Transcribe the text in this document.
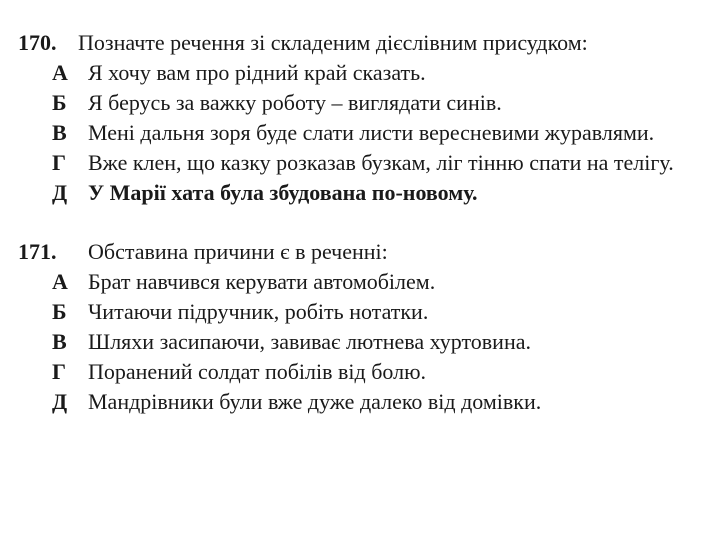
170. Позначте речення зі складеним дієслівним присудком:
А Я хочу вам про рідний край сказать.
Б Я берусь за важку роботу – виглядати синів.
В Мені дальня зоря буде слати листи вересневими журавлями.
Г Вже клен, що казку розказав бузкам, ліг тінню спати на телігу.
Д У Марії хата була збудована по-новому.
171. Обставина причини є в реченні:
А Брат навчився керувати автомобілем.
Б Читаючи підручник, робіть нотатки.
В Шляхи засипаючи, завиває лютнева хуртовина.
Г Поранений солдат побілів від болю.
Д Мандрівники були вже дуже далеко від домівки.
